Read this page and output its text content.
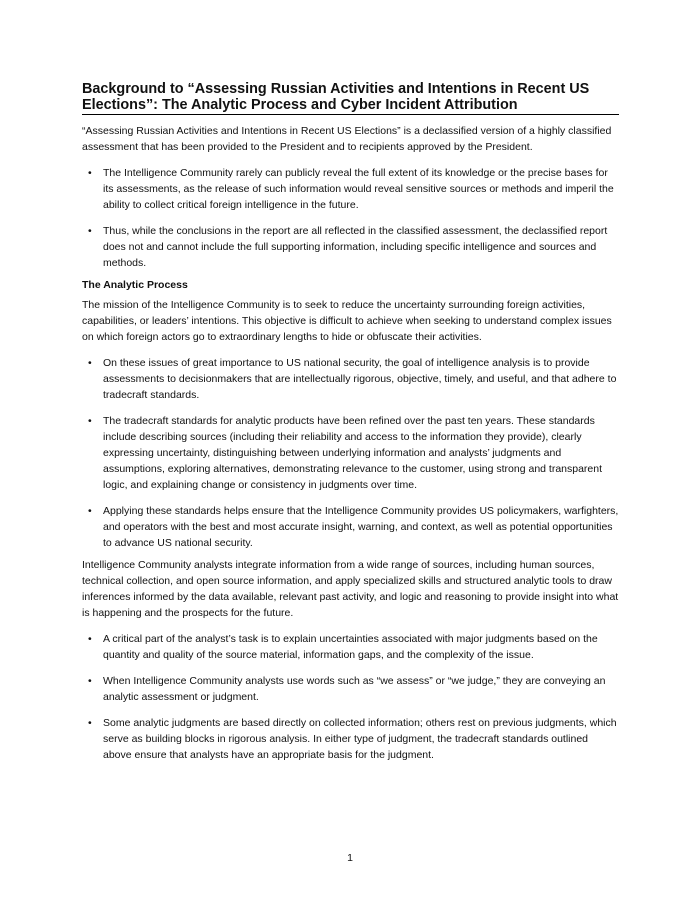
Background to “Assessing Russian Activities and Intentions in Recent US Elections”: The Analytic Process and Cyber Incident Attribution

“Assessing Russian Activities and Intentions in Recent US Elections” is a declassified version of a highly classified assessment that has been provided to the President and to recipients approved by the President.

• The Intelligence Community rarely can publicly reveal the full extent of its knowledge or the precise bases for its assessments, as the release of such information would reveal sensitive sources or methods and imperil the ability to collect critical foreign intelligence in the future.
• Thus, while the conclusions in the report are all reflected in the classified assessment, the declassified report does not and cannot include the full supporting information, including specific intelligence and sources and methods.
The Analytic Process

The mission of the Intelligence Community is to seek to reduce the uncertainty surrounding foreign activities, capabilities, or leaders’ intentions. This objective is difficult to achieve when seeking to understand complex issues on which foreign actors go to extraordinary lengths to hide or obfuscate their activities.

• On these issues of great importance to US national security, the goal of intelligence analysis is to provide assessments to decisionmakers that are intellectually rigorous, objective, timely, and useful, and that adhere to tradecraft standards.
• The tradecraft standards for analytic products have been refined over the past ten years. These standards include describing sources (including their reliability and access to the information they provide), clearly expressing uncertainty, distinguishing between underlying information and analysts’ judgments and assumptions, exploring alternatives, demonstrating relevance to the customer, using strong and transparent logic, and explaining change or consistency in judgments over time.
• Applying these standards helps ensure that the Intelligence Community provides US policymakers, warfighters, and operators with the best and most accurate insight, warning, and context, as well as potential opportunities to advance US national security.

Intelligence Community analysts integrate information from a wide range of sources, including human sources, technical collection, and open source information, and apply specialized skills and structured analytic tools to draw inferences informed by the data available, relevant past activity, and logic and reasoning to provide insight into what is happening and the prospects for the future.

• A critical part of the analyst’s task is to explain uncertainties associated with major judgments based on the quantity and quality of the source material, information gaps, and the complexity of the issue.
• When Intelligence Community analysts use words such as “we assess” or “we judge,” they are conveying an analytic assessment or judgment.
• Some analytic judgments are based directly on collected information; others rest on previous judgments, which serve as building blocks in rigorous analysis. In either type of judgment, the tradecraft standards outlined above ensure that analysts have an appropriate basis for the judgment.
1
